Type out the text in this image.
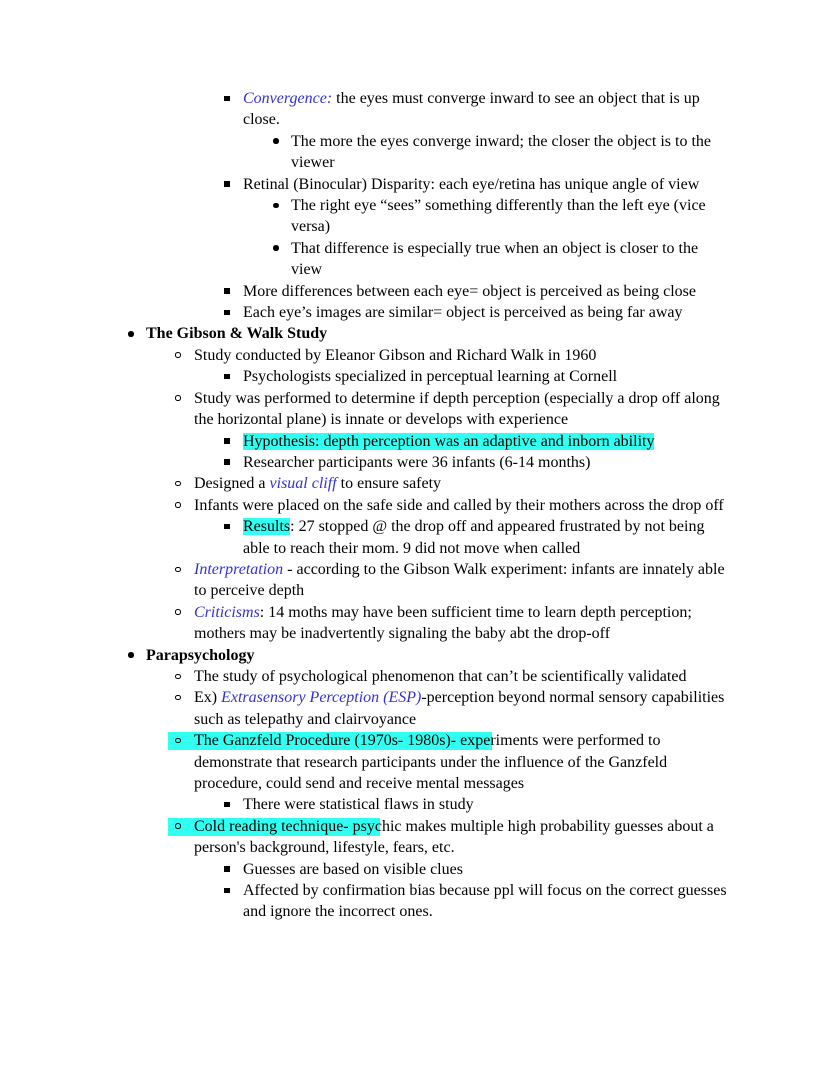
Convergence: the eyes must converge inward to see an object that is up close.
The more the eyes converge inward; the closer the object is to the viewer
Retinal (Binocular) Disparity: each eye/retina has unique angle of view
The right eye “sees” something differently than the left eye (vice versa)
That difference is especially true when an object is closer to the view
More differences between each eye= object is perceived as being close
Each eye’s images are similar= object is perceived as being far away
The Gibson & Walk Study
Study conducted by Eleanor Gibson and Richard Walk in 1960
Psychologists specialized in perceptual learning at Cornell
Study was performed to determine if depth perception (especially a drop off along the horizontal plane) is innate or develops with experience
Hypothesis: depth perception was an adaptive and inborn ability
Researcher participants were 36 infants (6-14 months)
Designed a visual cliff to ensure safety
Infants were placed on the safe side and called by their mothers across the drop off
Results: 27 stopped @ the drop off and appeared frustrated by not being able to reach their mom. 9 did not move when called
Interpretation - according to the Gibson Walk experiment: infants are innately able to perceive depth
Criticisms: 14 moths may have been sufficient time to learn depth perception; mothers may be inadvertently signaling the baby abt the drop-off
Parapsychology
The study of psychological phenomenon that can’t be scientifically validated
Ex) Extrasensory Perception (ESP)-perception beyond normal sensory capabilities such as telepathy and clairvoyance
The Ganzfeld Procedure (1970s- 1980s)- experiments were performed to demonstrate that research participants under the influence of the Ganzfeld procedure, could send and receive mental messages
There were statistical flaws in study
Cold reading technique- psychic makes multiple high probability guesses about a person's background, lifestyle, fears, etc.
Guesses are based on visible clues
Affected by confirmation bias because ppl will focus on the correct guesses and ignore the incorrect ones.
